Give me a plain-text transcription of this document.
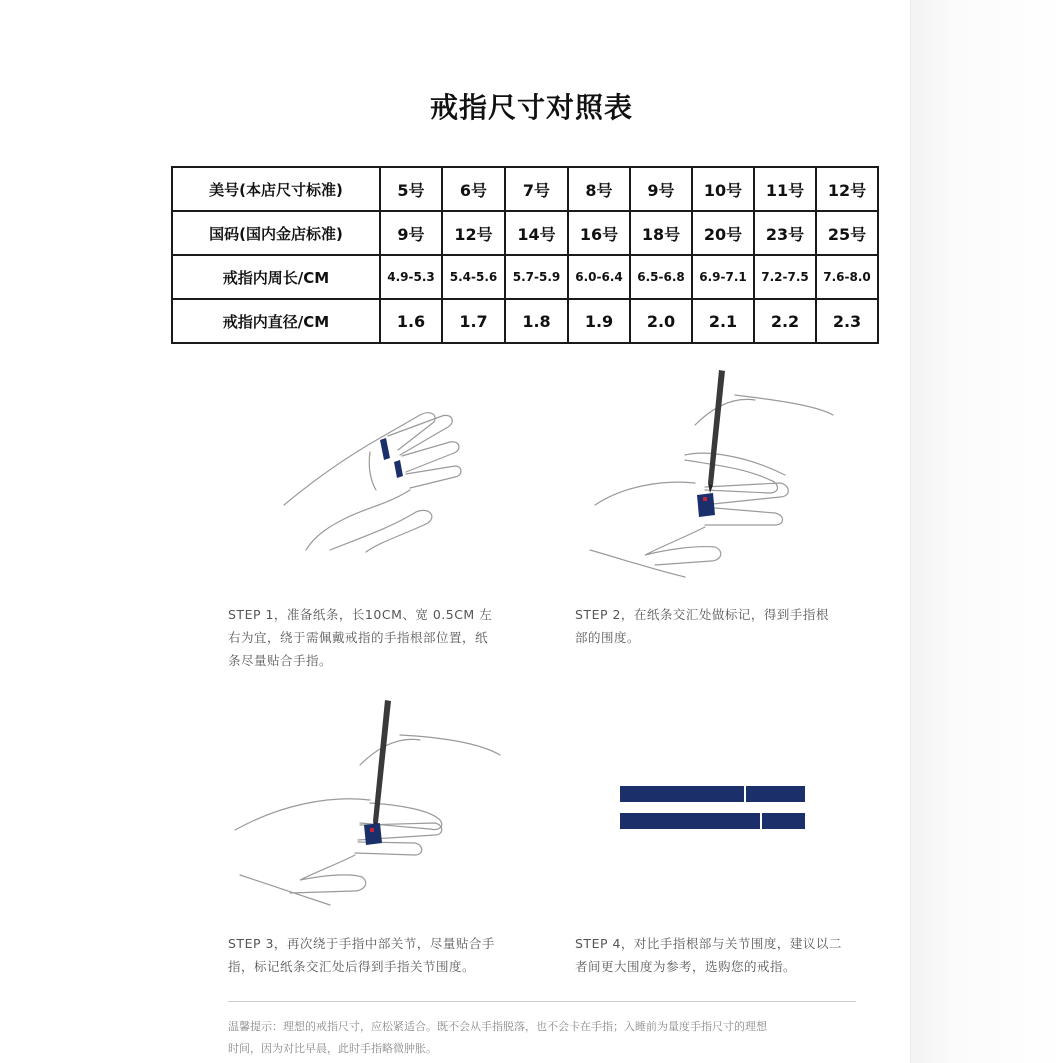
戒指尺寸对照表
美号(本店尺寸标准)	5号	6号	7号	8号	9号	10号	11号	12号
国码(国内金店标准)	9号	12号	14号	16号	18号	20号	23号	25号
戒指内周长/CM	4.9-5.3	5.4-5.6	5.7-5.9	6.0-6.4	6.5-6.8	6.9-7.1	7.2-7.5	7.6-8.0
戒指内直径/CM	1.6	1.7	1.8	1.9	2.0	2.1	2.2	2.3
STEP 1，准备纸条，长10CM、宽 0.5CM 左
右为宜，绕于需佩戴戒指的手指根部位置，纸
条尽量贴合手指。
STEP 2，在纸条交汇处做标记，得到手指根
部的围度。
STEP 3，再次绕于手指中部关节，尽量贴合手
指，标记纸条交汇处后得到手指关节围度。
STEP 4，对比手指根部与关节围度，建议以二
者间更大围度为参考，选购您的戒指。
温馨提示：理想的戒指尺寸，应松紧适合。既不会从手指脱落，也不会卡在手指；入睡前为量度手指尺寸的理想
时间，因为对比早晨，此时手指略微肿胀。
